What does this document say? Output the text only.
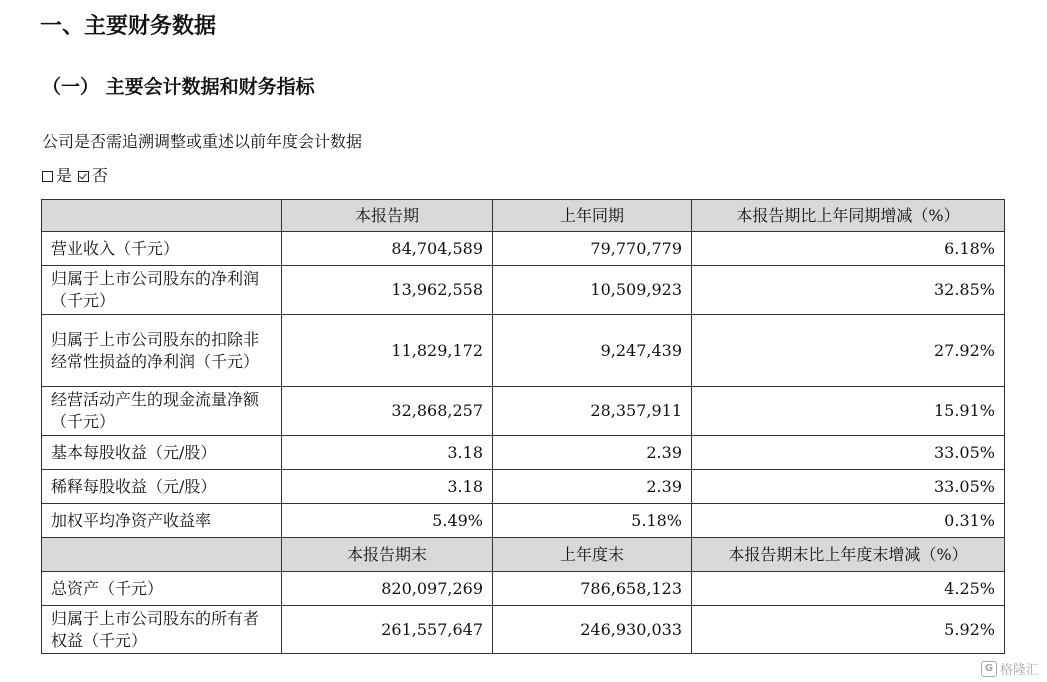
一、主要财务数据
（一） 主要会计数据和财务指标
公司是否需追溯调整或重述以前年度会计数据
是 否
	本报告期	上年同期	本报告期比上年同期增减（%）
营业收入（千元）	84,704,589	79,770,779	6.18%
归属于上市公司股东的净利润（千元）	13,962,558	10,509,923	32.85%
归属于上市公司股东的扣除非经常性损益的净利润（千元）	11,829,172	9,247,439	27.92%
经营活动产生的现金流量净额（千元）	32,868,257	28,357,911	15.91%
基本每股收益（元/股）	3.18	2.39	33.05%
稀释每股收益（元/股）	3.18	2.39	33.05%
加权平均净资产收益率	5.49%	5.18%	0.31%
	本报告期末	上年度末	本报告期末比上年度末增减（%）
总资产（千元）	820,097,269	786,658,123	4.25%
归属于上市公司股东的所有者权益（千元）	261,557,647	246,930,033	5.92%
G 格隆汇
